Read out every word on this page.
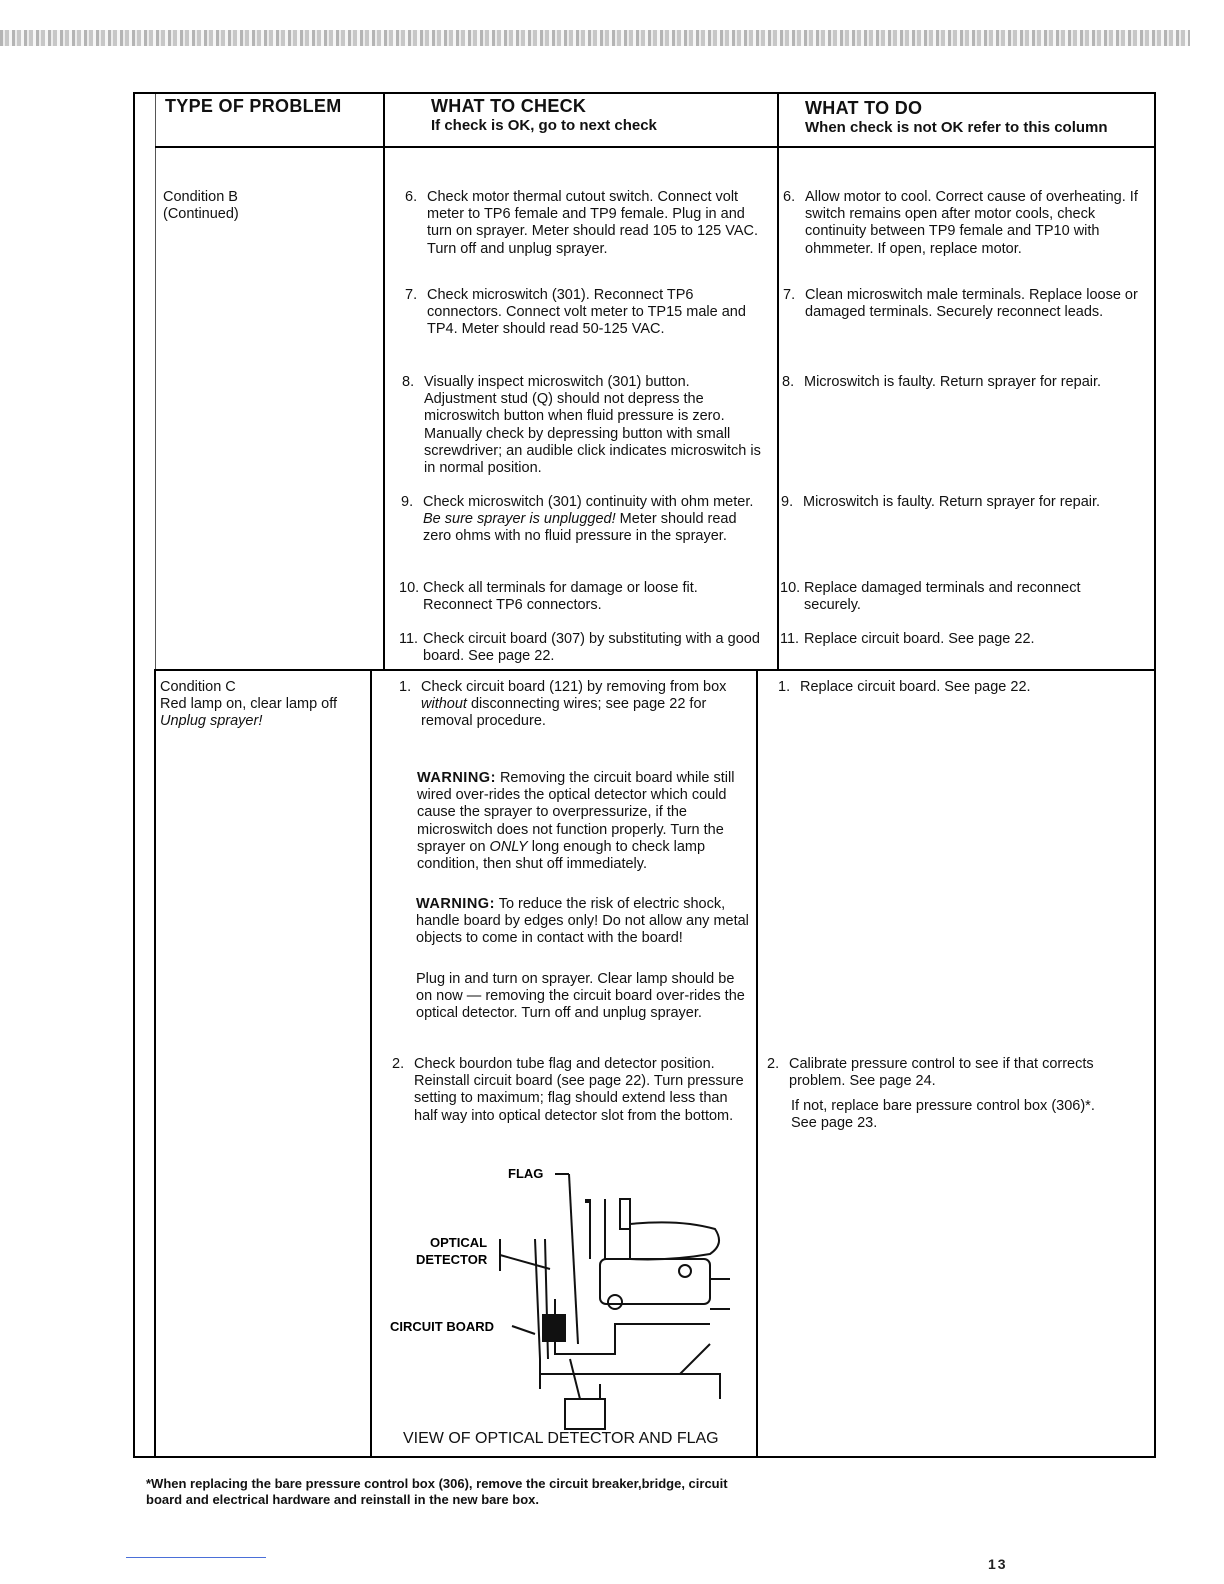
TYPE OF PROBLEM	WHAT TO CHECK
If check is OK, go to next check
WHAT TO DO
When check is not OK refer to this column
Condition B
(Continued)
6. Check motor thermal cutout switch. Connect volt meter to TP6 female and TP9 female. Plug in and turn on sprayer. Meter should read 105 to 125 VAC. Turn off and unplug sprayer.
7. Check microswitch (301). Reconnect TP6 connectors. Connect volt meter to TP15 male and TP4. Meter should read 50-125 VAC.
8. Visually inspect microswitch (301) button. Adjustment stud (Q) should not depress the microswitch button when fluid pressure is zero. Manually check by depressing button with small screwdriver; an audible click indicates microswitch is in normal position.
9. Check microswitch (301) continuity with ohm meter. Be sure sprayer is unplugged! Meter should read zero ohms with no fluid pressure in the sprayer.
10. Check all terminals for damage or loose fit. Reconnect TP6 connectors.
11. Check circuit board (307) by substituting with a good board. See page 22.
6. Allow motor to cool. Correct cause of overheating. If switch remains open after motor cools, check continuity between TP9 female and TP10 with ohmmeter. If open, replace motor.
7. Clean microswitch male terminals. Replace loose or damaged terminals. Securely reconnect leads.
8. Microswitch is faulty. Return sprayer for repair.
9. Microswitch is faulty. Return sprayer for repair.
10. Replace damaged terminals and reconnect securely.
11. Replace circuit board. See page 22.
Condition C
Red lamp on, clear lamp off
Unplug sprayer!
1. Check circuit board (121) by removing from box without disconnecting wires; see page 22 for removal procedure.
WARNING: Removing the circuit board while still wired over-rides the optical detector which could cause the sprayer to overpressurize, if the microswitch does not function properly. Turn the sprayer on ONLY long enough to check lamp condition, then shut off immediately.
WARNING: To reduce the risk of electric shock, handle board by edges only! Do not allow any metal objects to come in contact with the board!
Plug in and turn on sprayer. Clear lamp should be on now — removing the circuit board over-rides the optical detector. Turn off and unplug sprayer.
2. Check bourdon tube flag and detector position. Reinstall circuit board (see page 22). Turn pressure setting to maximum; flag should extend less than half way into optical detector slot from the bottom.
1. Replace circuit board. See page 22.
2. Calibrate pressure control to see if that corrects problem. See page 24.
If not, replace bare pressure control box (306)*. See page 23.
FLAG
OPTICAL
DETECTOR
CIRCUIT BOARD
VIEW OF OPTICAL DETECTOR AND FLAG
*When replacing the bare pressure control box (306), remove the circuit breaker,bridge, circuit board and electrical hardware and reinstall in the new bare box.
13
